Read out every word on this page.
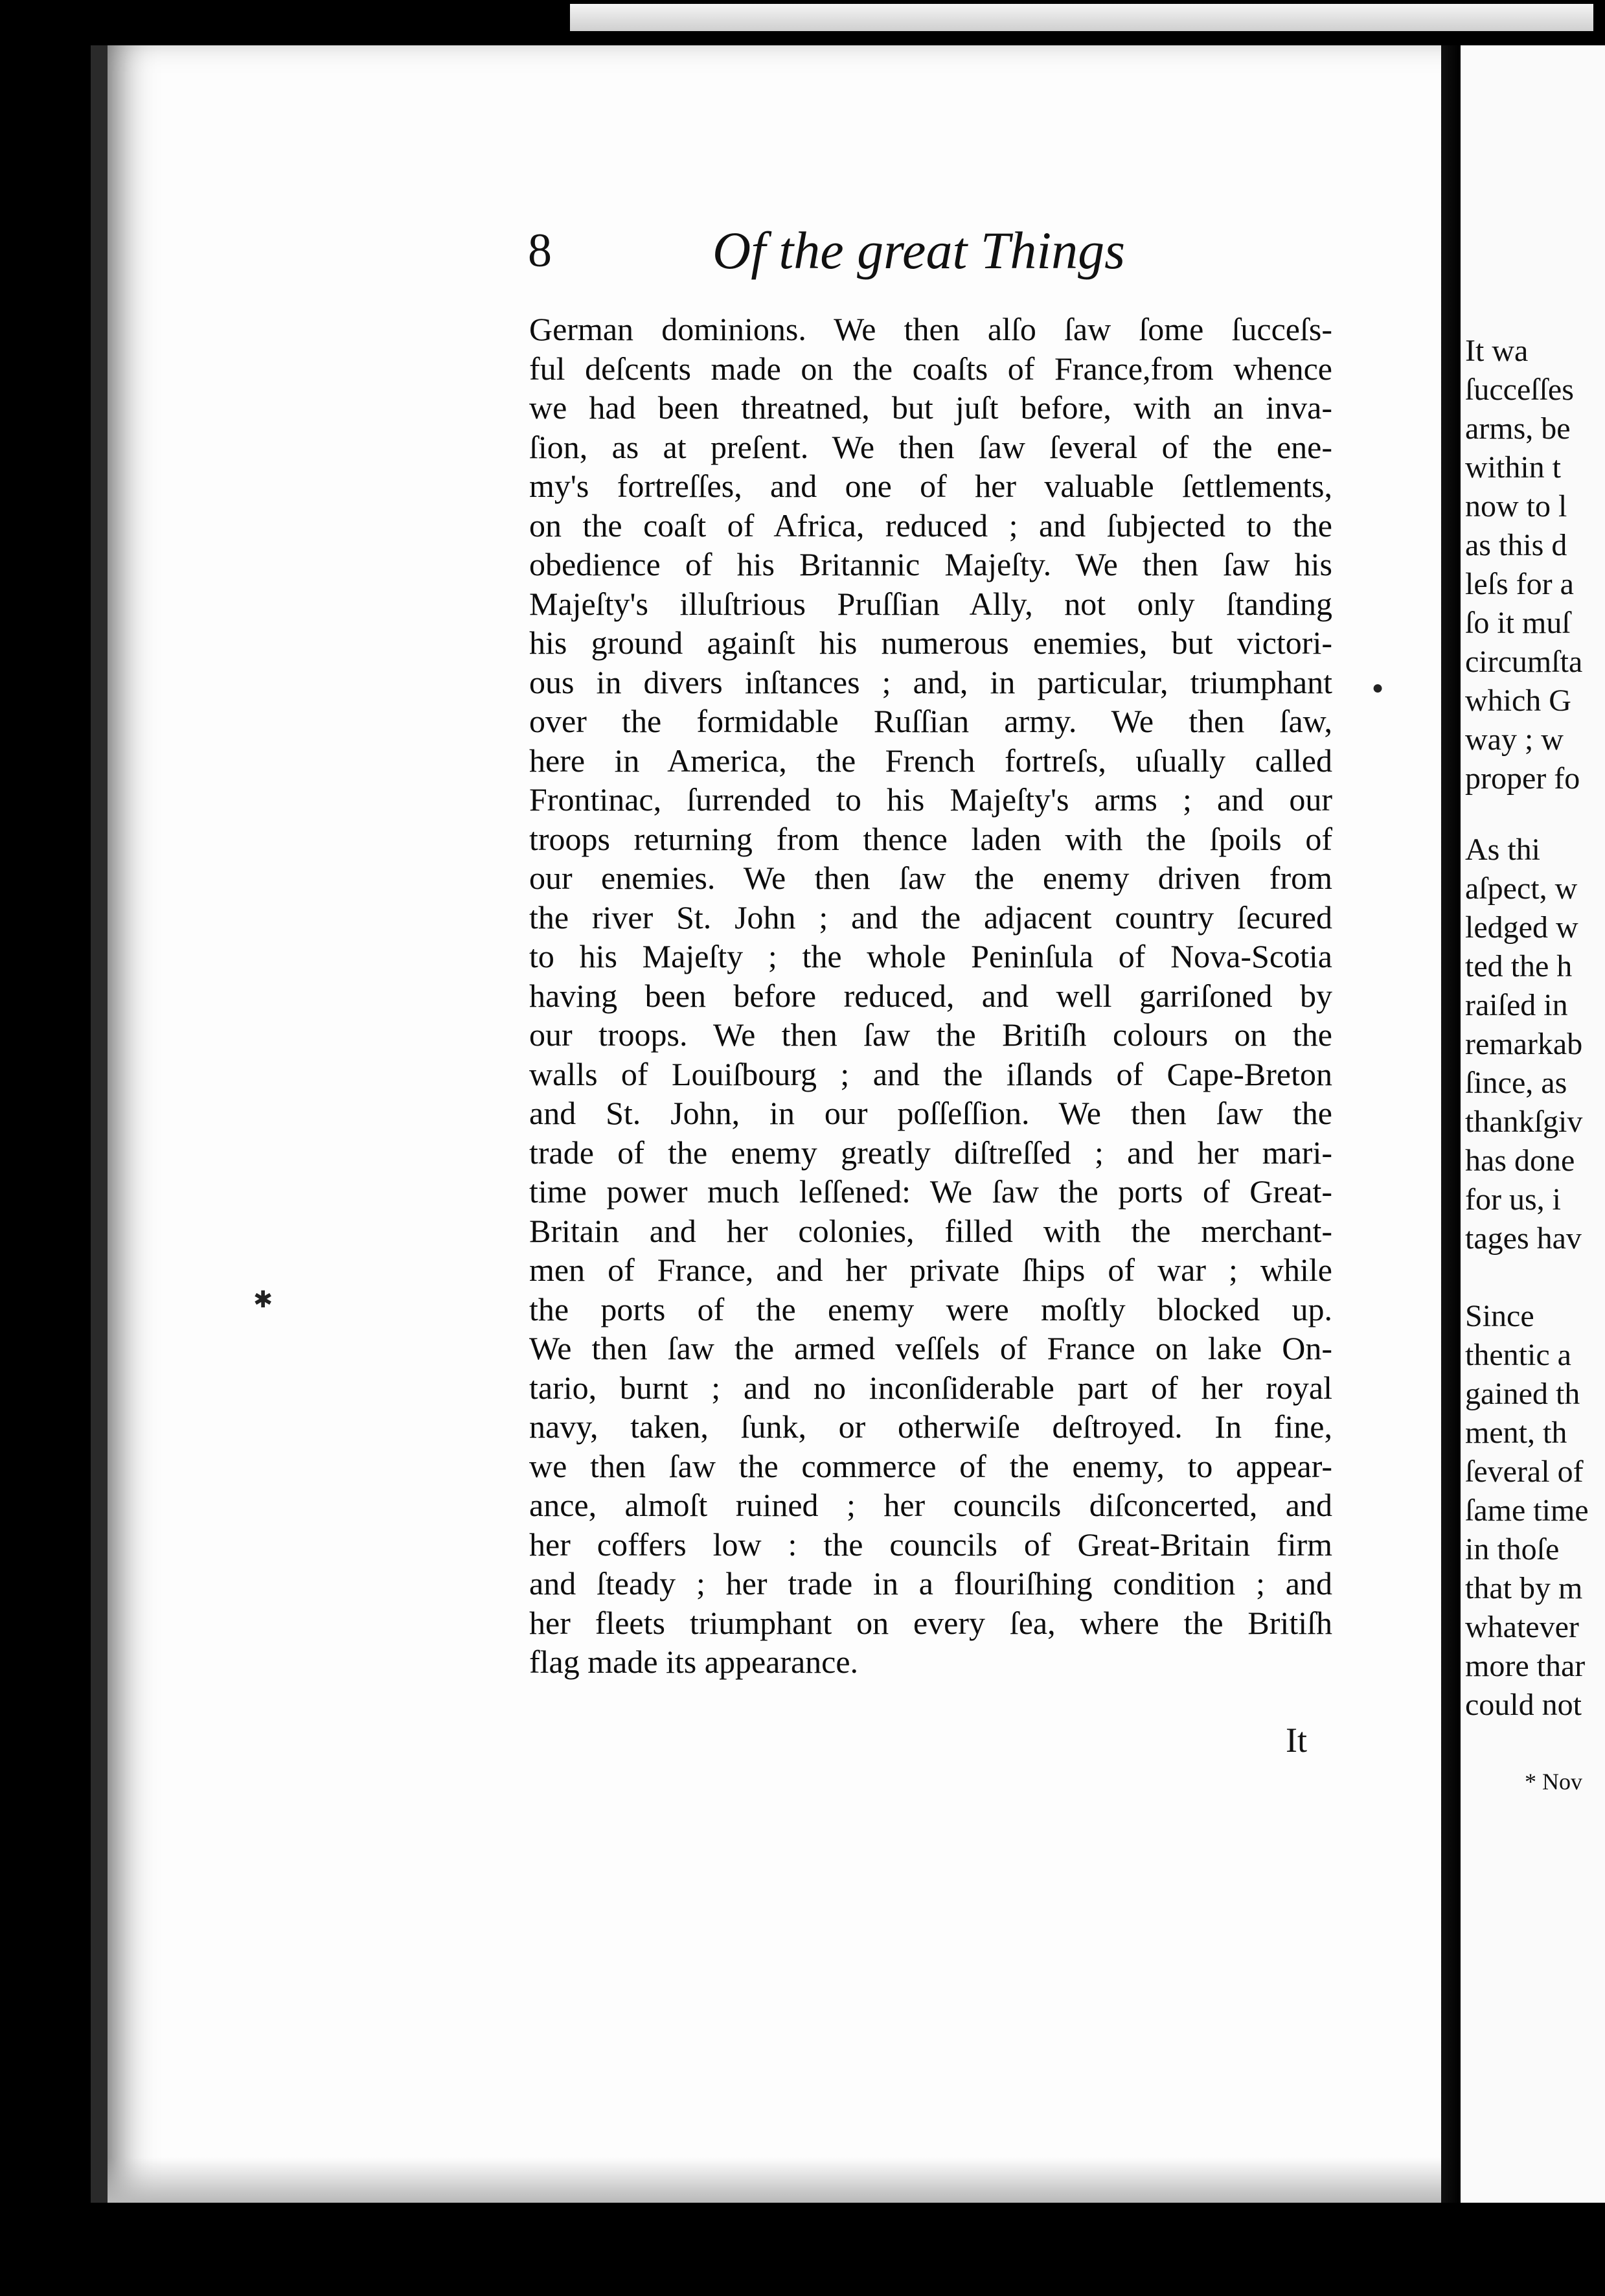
8	Of the great Things
German dominions. We then alſo ſaw ſome ſucceſs-
ful deſcents made on the coaſts of France,from whence
we had been threatned, but juſt before, with an inva-
ſion, as at preſent. We then ſaw ſeveral of the ene-
my's fortreſſes, and one of her valuable ſettlements,
on the coaſt of Africa, reduced ; and ſubjected to the
obedience of his Britannic Majeſty. We then ſaw his
Majeſty's illuſtrious Pruſſian Ally, not only ſtanding
his ground againſt his numerous enemies, but victori-
ous in divers inſtances ; and, in particular, triumphant
over the formidable Ruſſian army. We then ſaw,
here in America, the French fortreſs, uſually called
Frontinac, ſurrended to his Majeſty's arms ; and our
troops returning from thence laden with the ſpoils of
our enemies. We then ſaw the enemy driven from
the river St. John ; and the adjacent country ſecured
to his Majeſty ; the whole Peninſula of Nova-Scotia
having been before reduced, and well garriſoned by
our troops. We then ſaw the Britiſh colours on the
walls of Louiſbourg ; and the iſlands of Cape-Breton
and St. John, in our poſſeſſion. We then ſaw the
trade of the enemy greatly diſtreſſed ; and her mari-
time power much leſſened: We ſaw the ports of Great-
Britain and her colonies, filled with the merchant-
men of France, and her private ſhips of war ; while
the ports of the enemy were moſtly blocked up.
We then ſaw the armed veſſels of France on lake On-
tario, burnt ; and no inconſiderable part of her royal
navy, taken, ſunk, or otherwiſe deſtroyed. In fine,
we then ſaw the commerce of the enemy, to appear-
ance, almoſt ruined ; her councils diſconcerted, and
her coffers low : the councils of Great-Britain firm
and ſteady ; her trade in a flouriſhing condition ; and
her fleets triumphant on every ſea, where the Britiſh
flag made its appearance.
It
✱
●
It wa
ſucceſſes
arms, be
within t
now to l
as this d
leſs for a
ſo it muſ
circumſta
which G
way ; w
proper fo
As thi
aſpect, w
ledged w
ted the h
raiſed in
remarkab
ſince, as
thankſgiv
has done
for us, i
tages hav
Since
thentic a
gained th
ment, th
ſeveral of
ſame time
in thoſe
that by m
whatever
more thar
could not
* Nov
